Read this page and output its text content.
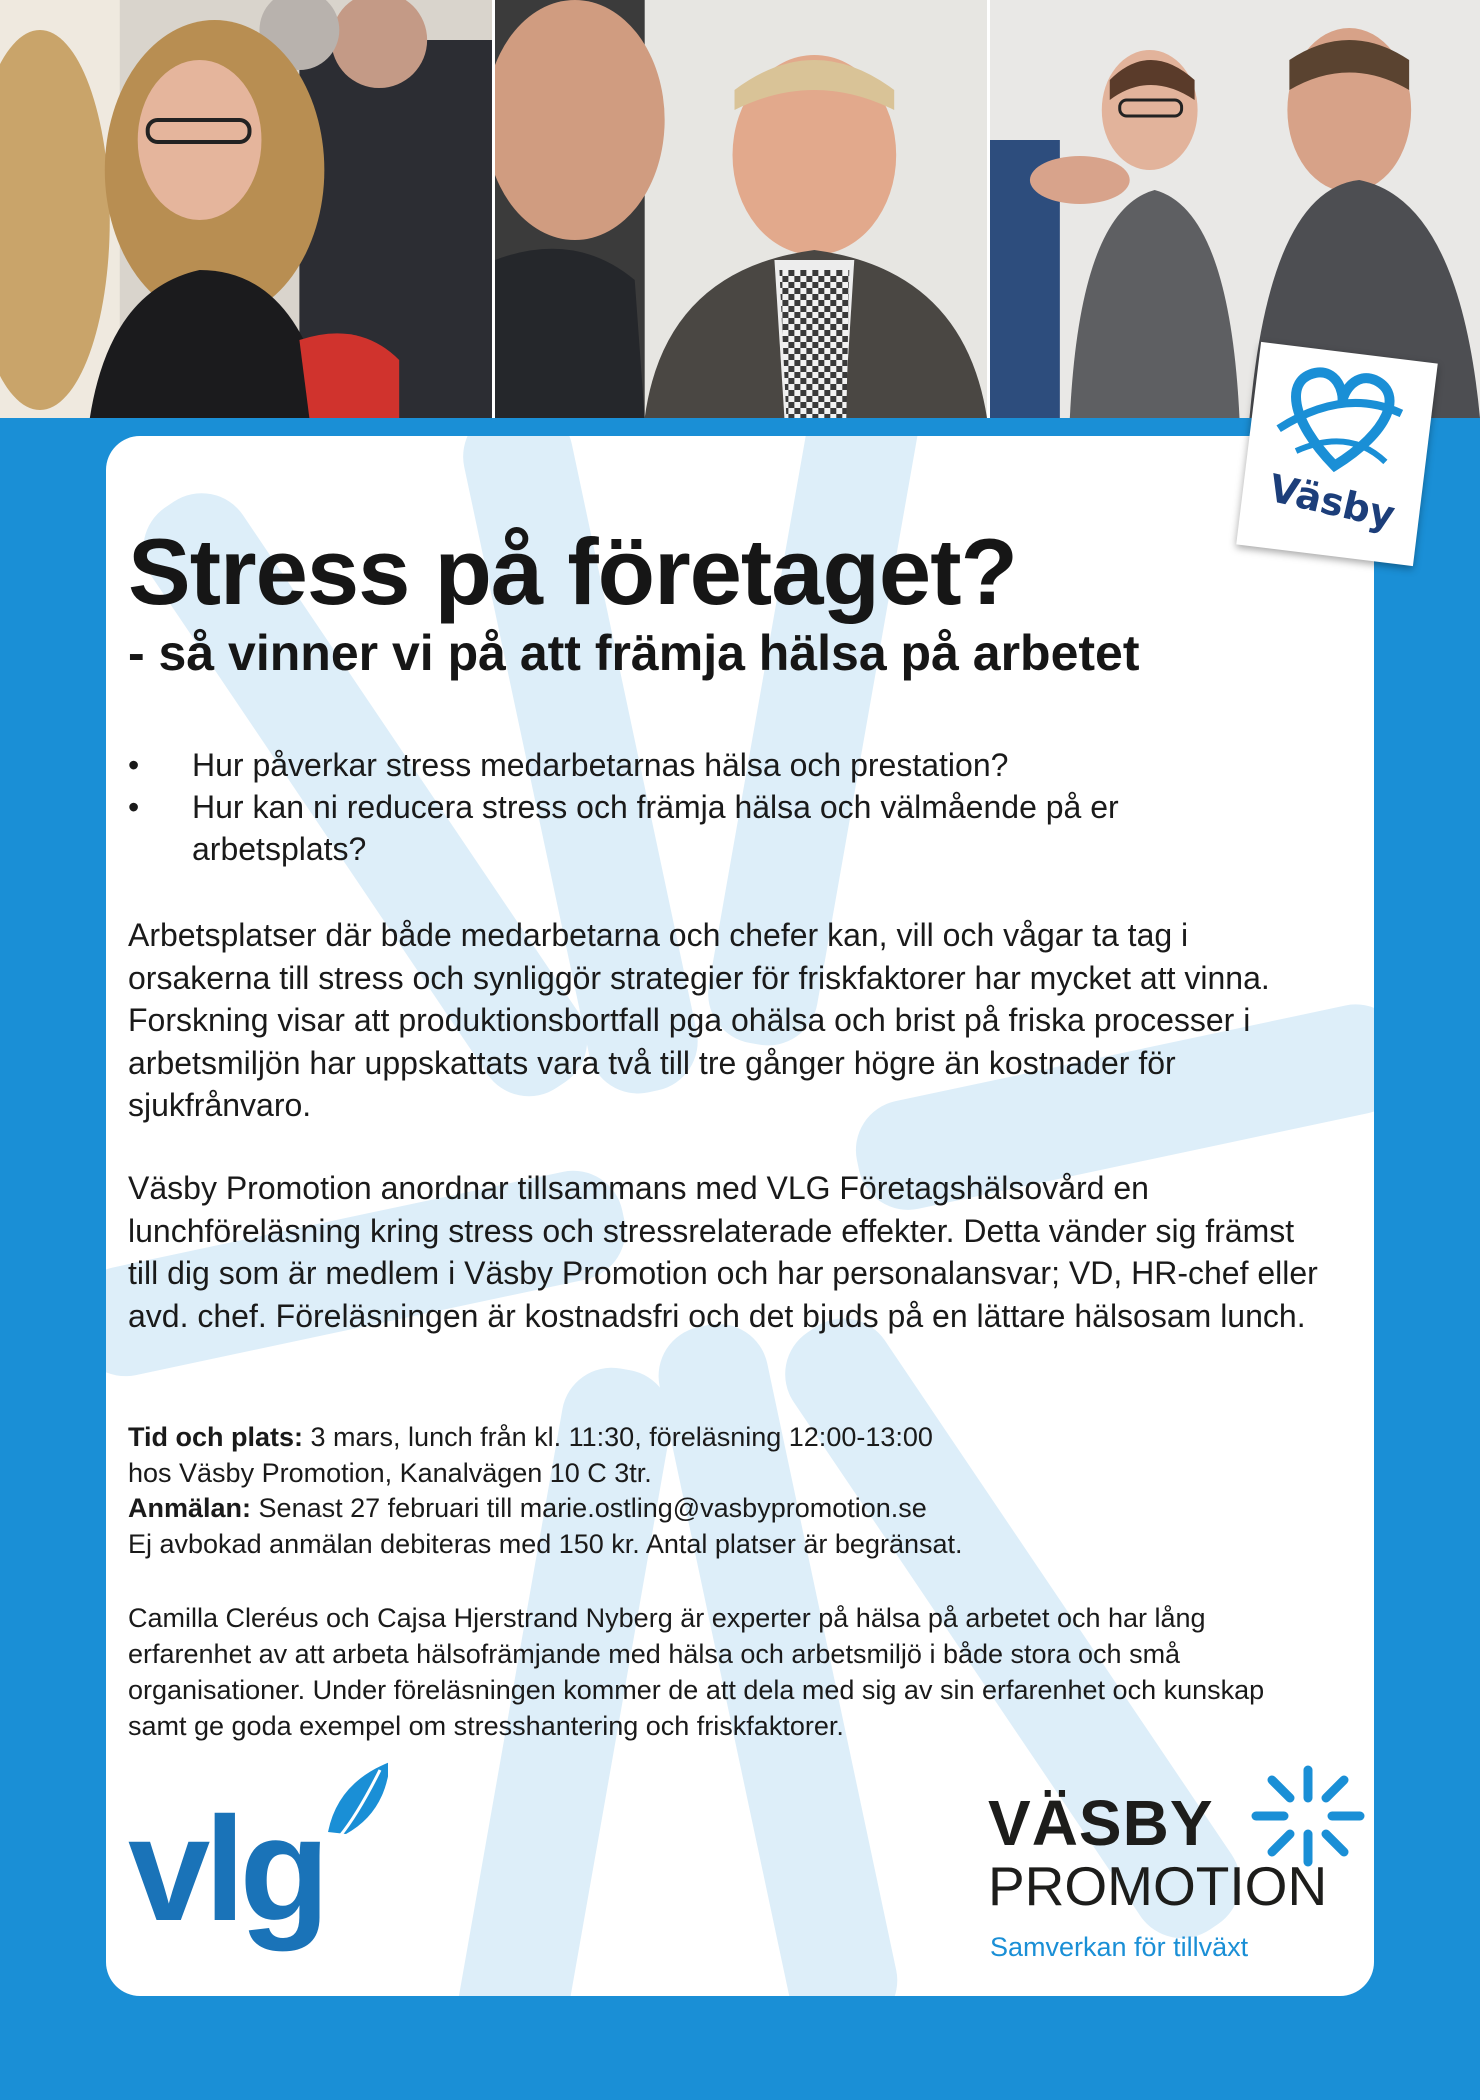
Stress på företaget?
- så vinner vi på att främja hälsa på arbetet
• Hur påverkar stress medarbetarnas hälsa och prestation?
• Hur kan ni reducera stress och främja hälsa och välmående på er arbetsplats?

Arbetsplatser där både medarbetarna och chefer kan, vill och vågar ta tag i orsakerna till stress och synliggör strategier för friskfaktorer har mycket att vinna. Forskning visar att produktionsbortfall pga ohälsa och brist på friska processer i arbetsmiljön har uppskattats vara två till tre gånger högre än kostnader för sjukfrånvaro.

Väsby Promotion anordnar tillsammans med VLG Företagshälsovård en lunchföreläsning kring stress och stressrelaterade effekter. Detta vänder sig främst till dig som är medlem i Väsby Promotion och har personalansvar; VD, HR-chef eller avd. chef. Föreläsningen är kostnadsfri och det bjuds på en lättare hälsosam lunch.

Tid och plats: 3 mars, lunch från kl. 11:30, föreläsning 12:00-13:00
hos Väsby Promotion, Kanalvägen 10 C 3tr.
Anmälan: Senast 27 februari till marie.ostling@vasbypromotion.se
Ej avbokad anmälan debiteras med 150 kr. Antal platser är begränsat.

Camilla Cleréus och Cajsa Hjerstrand Nyberg är experter på hälsa på arbetet och har lång erfarenhet av att arbeta hälsofrämjande med hälsa och arbetsmiljö i både stora och små organisationer. Under föreläsningen kommer de att dela med sig av sin erfarenhet och kunskap samt ge goda exempel om stresshantering och friskfaktorer.

vlg	VÄSBY
PROMOTION
Samverkan för tillväxt
Väsby
